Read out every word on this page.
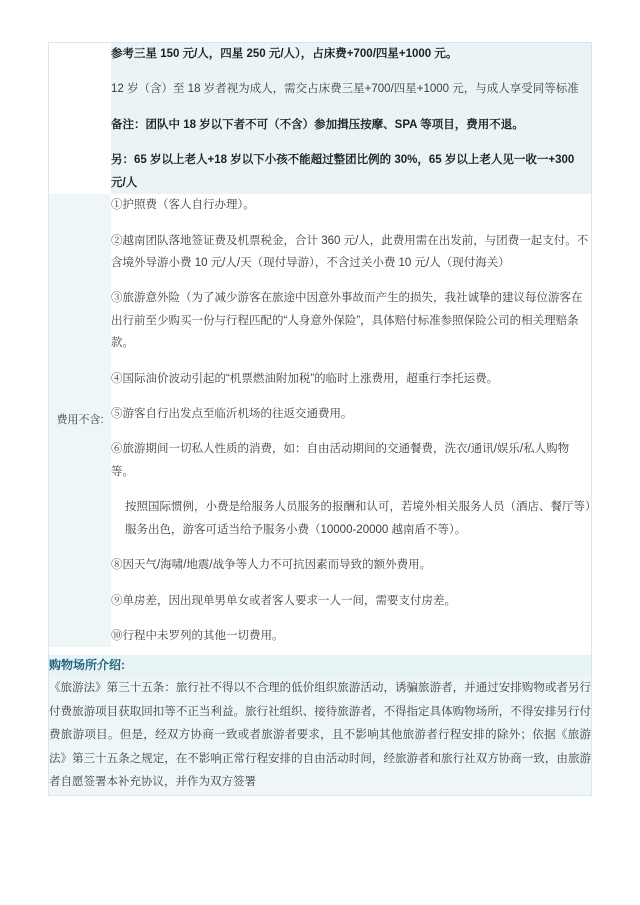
	参考三星 150 元/人，四星 250 元/人），占床费+700/四星+1000 元。

12 岁（含）至 18 岁者视为成人，需交占床费三星+700/四星+1000 元，与成人享受同等标准

备注：团队中 18 岁以下者不可（不含）参加揖压按摩、SPA 等项目，费用不退。

另：65 岁以上老人+18 岁以下小孩不能超过整团比例的 30%，65 岁以上老人见一收一+300 元/人

费用不含:	

①护照费（客人自行办理）。

②越南团队落地签证费及机票税金，合计 360 元/人，此费用需在出发前，与团费一起支付。不含境外导游小费 10 元/人/天（现付导游），不含过关小费 10 元/人（现付海关）

③旅游意外险（为了减少游客在旅途中因意外事故而产生的损失，我社诚挚的建议每位游客在出行前至少购买一份与行程匹配的“人身意外保险”，具体赔付标准参照保险公司的相关理赔条款。

④国际油价波动引起的“机票燃油附加税”的临时上涨费用，超重行李托运费。

⑤游客自行出发点至临沂机场的往返交通费用。

⑥旅游期间一切私人性质的消费，如：自由活动期间的交通餐费，洗衣/通讯/娱乐/私人购物等。

按照国际惯例，小费是给服务人员服务的报酬和认可，若境外相关服务人员（酒店、餐厅等）服务出色，游客可适当给予服务小费（10000-20000 越南盾不等）。

⑧因天气/海啸/地震/战争等人力不可抗因素而导致的额外费用。

⑨单房差，因出现单男单女或者客人要求一人一间，需要支付房差。

⑩行程中未罗列的其他一切费用。

购物场所介绍:	

《旅游法》第三十五条：旅行社不得以不合理的低价组织旅游活动，诱骗旅游者，并通过安排购物或者另行付费旅游项目获取回扣等不正当利益。旅行社组织、接待旅游者，不得指定具体购物场所，不得安排另行付费旅游项目。但是，经双方协商一致或者旅游者要求，且不影响其他旅游者行程安排的除外；依据《旅游法》第三十五条之规定，在不影响正常行程安排的自由活动时间，经旅游者和旅行社双方协商一致，由旅游者自愿签署本补充协议，并作为双方签署	
